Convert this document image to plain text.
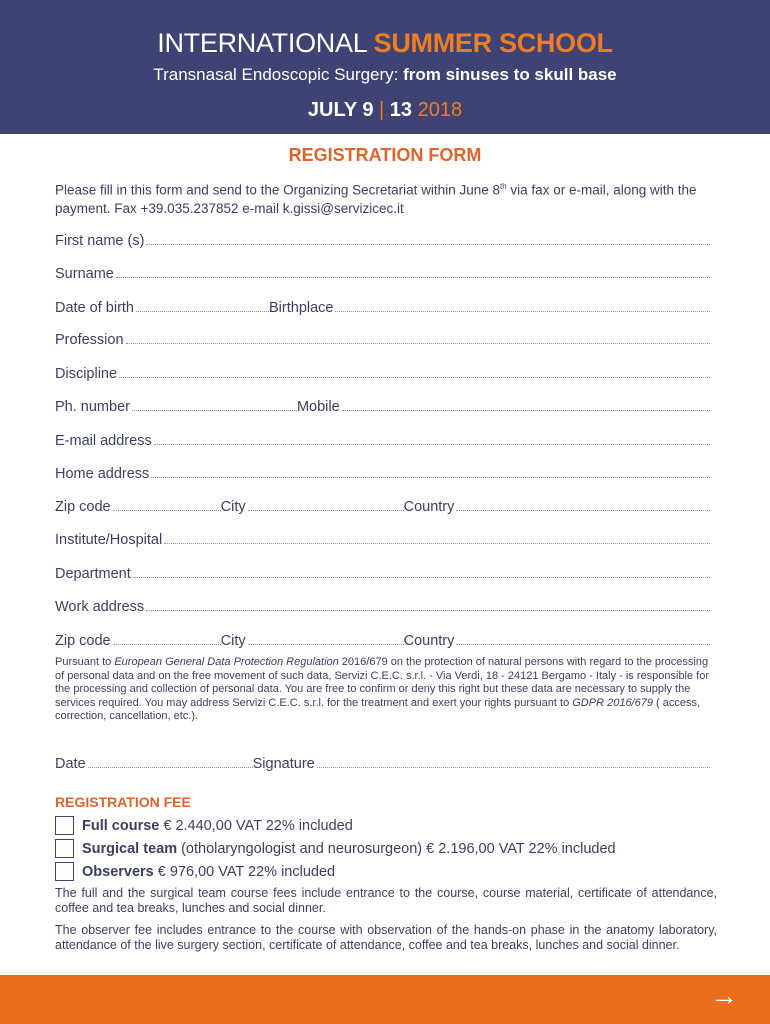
INTERNATIONAL SUMMER SCHOOL
Transnasal Endoscopic Surgery: from sinuses to skull base
JULY 9 | 13 2018
REGISTRATION FORM
Please fill in this form and send to the Organizing Secretariat within June 8th via fax or e-mail, along with the payment. Fax +39.035.237852 e-mail k.gissi@servizicec.it
First name (s)
Surname
Date of birth	Birthplace
Profession
Discipline
Ph. number	Mobile
E-mail address
Home address
Zip code	City	Country
Institute/Hospital
Department
Work address
Zip code	City	Country
Pursuant to European General Data Protection Regulation 2016/679 on the protection of natural persons with regard to the processing of personal data and on the free movement of such data, Servizi C.E.C. s.r.l. - Via Verdi, 18 - 24121 Bergamo - Italy - is responsible for the processing and collection of personal data. You are free to confirm or deny this right but these data are necessary to supply the services required. You may address Servizi C.E.C. s.r.l. for the treatment and exert your rights pursuant to GDPR 2016/679 ( access, correction, cancellation, etc.).
Date	Signature
REGISTRATION FEE
Full course € 2.440,00 VAT 22% included
Surgical team (otholaryngologist and neurosurgeon) € 2.196,00 VAT 22% included
Observers € 976,00 VAT 22% included
The full and the surgical team course fees include entrance to the course, course material, certificate of attendance, coffee and tea breaks, lunches and social dinner.
The observer fee includes entrance to the course with observation of the hands-on phase in the anatomy laboratory, attendance of the live surgery section, certificate of attendance, coffee and tea breaks, lunches and social dinner.
→
